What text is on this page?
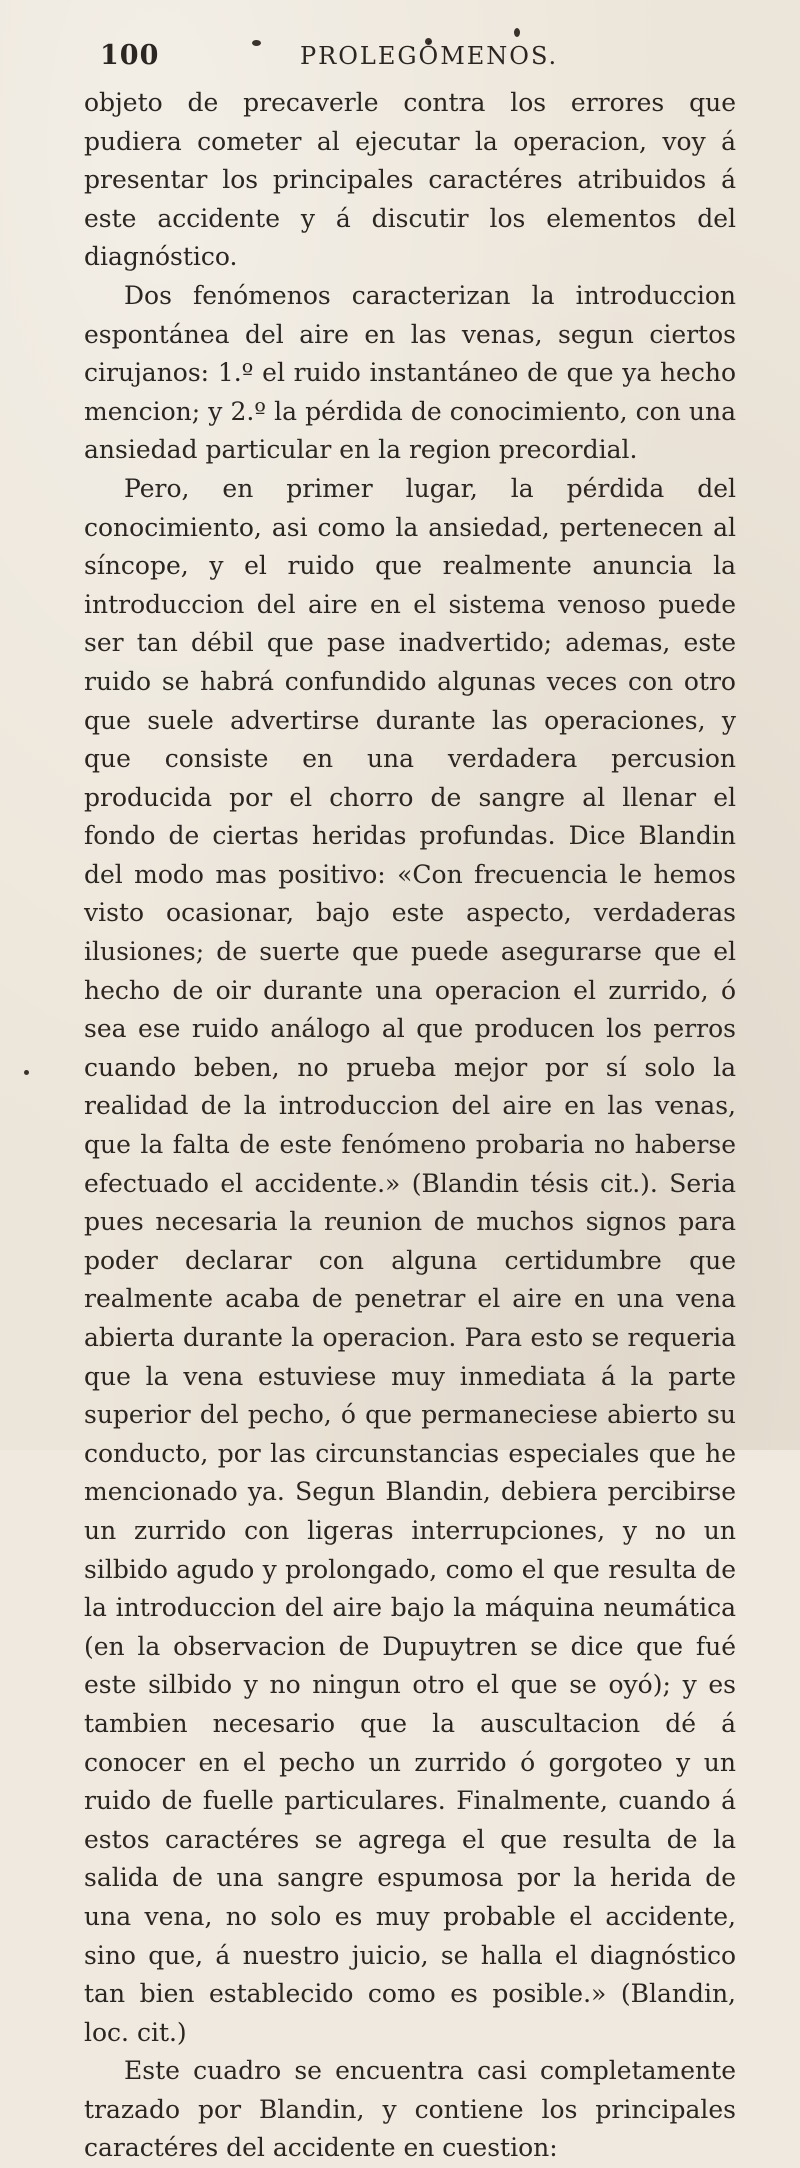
100	PROLEGÓMENOS.

objeto de precaverle contra los errores que pudiera cometer al ejecutar la operacion, voy á presentar los principales caractéres atribuidos á este accidente y á discutir los elementos del diagnóstico.

Dos fenómenos caracterizan la introduccion espontánea del aire en las venas, segun ciertos cirujanos: 1.º el ruido instantáneo de que ya hecho mencion; y 2.º la pérdida de conocimiento, con una ansiedad particular en la region precordial.

Pero, en primer lugar, la pérdida del conocimiento, asi como la ansiedad, pertenecen al síncope, y el ruido que realmente anuncia la introduccion del aire en el sistema venoso puede ser tan débil que pase inadvertido; ademas, este ruido se habrá confundido algunas veces con otro que suele advertirse durante las operaciones, y que consiste en una verdadera percusion producida por el chorro de sangre al llenar el fondo de ciertas heridas profundas. Dice Blandin del modo mas positivo: «Con frecuencia le hemos visto ocasionar, bajo este aspecto, verdaderas ilusiones; de suerte que puede asegurarse que el hecho de oir durante una operacion el zurrido, ó sea ese ruido análogo al que producen los perros cuando beben, no prueba mejor por sí solo la realidad de la introduccion del aire en las venas, que la falta de este fenómeno probaria no haberse efectuado el accidente.» (Blandin tésis cit.). Seria pues necesaria la reunion de muchos signos para poder declarar con alguna certidumbre que realmente acaba de penetrar el aire en una vena abierta durante la operacion. Para esto se requeria que la vena estuviese muy inmediata á la parte superior del pecho, ó que permaneciese abierto su conducto, por las circunstancias especiales que he mencionado ya. Segun Blandin, debiera percibirse un zurrido con ligeras interrupciones, y no un silbido agudo y prolongado, como el que resulta de la introduccion del aire bajo la máquina neumática (en la observacion de Dupuytren se dice que fué este silbido y no ningun otro el que se oyó); y es tambien necesario que la auscultacion dé á conocer en el pecho un zurrido ó gorgoteo y un ruido de fuelle particulares. Finalmente, cuando á estos caractéres se agrega el que resulta de la salida de una sangre espumosa por la herida de una vena, no solo es muy probable el accidente, sino que, á nuestro juicio, se halla el diagnóstico tan bien establecido como es posible.» (Blandin, loc. cit.)

Este cuadro se encuentra casi completamente trazado por Blandin, y contiene los principales caractéres del accidente en cuestion:
